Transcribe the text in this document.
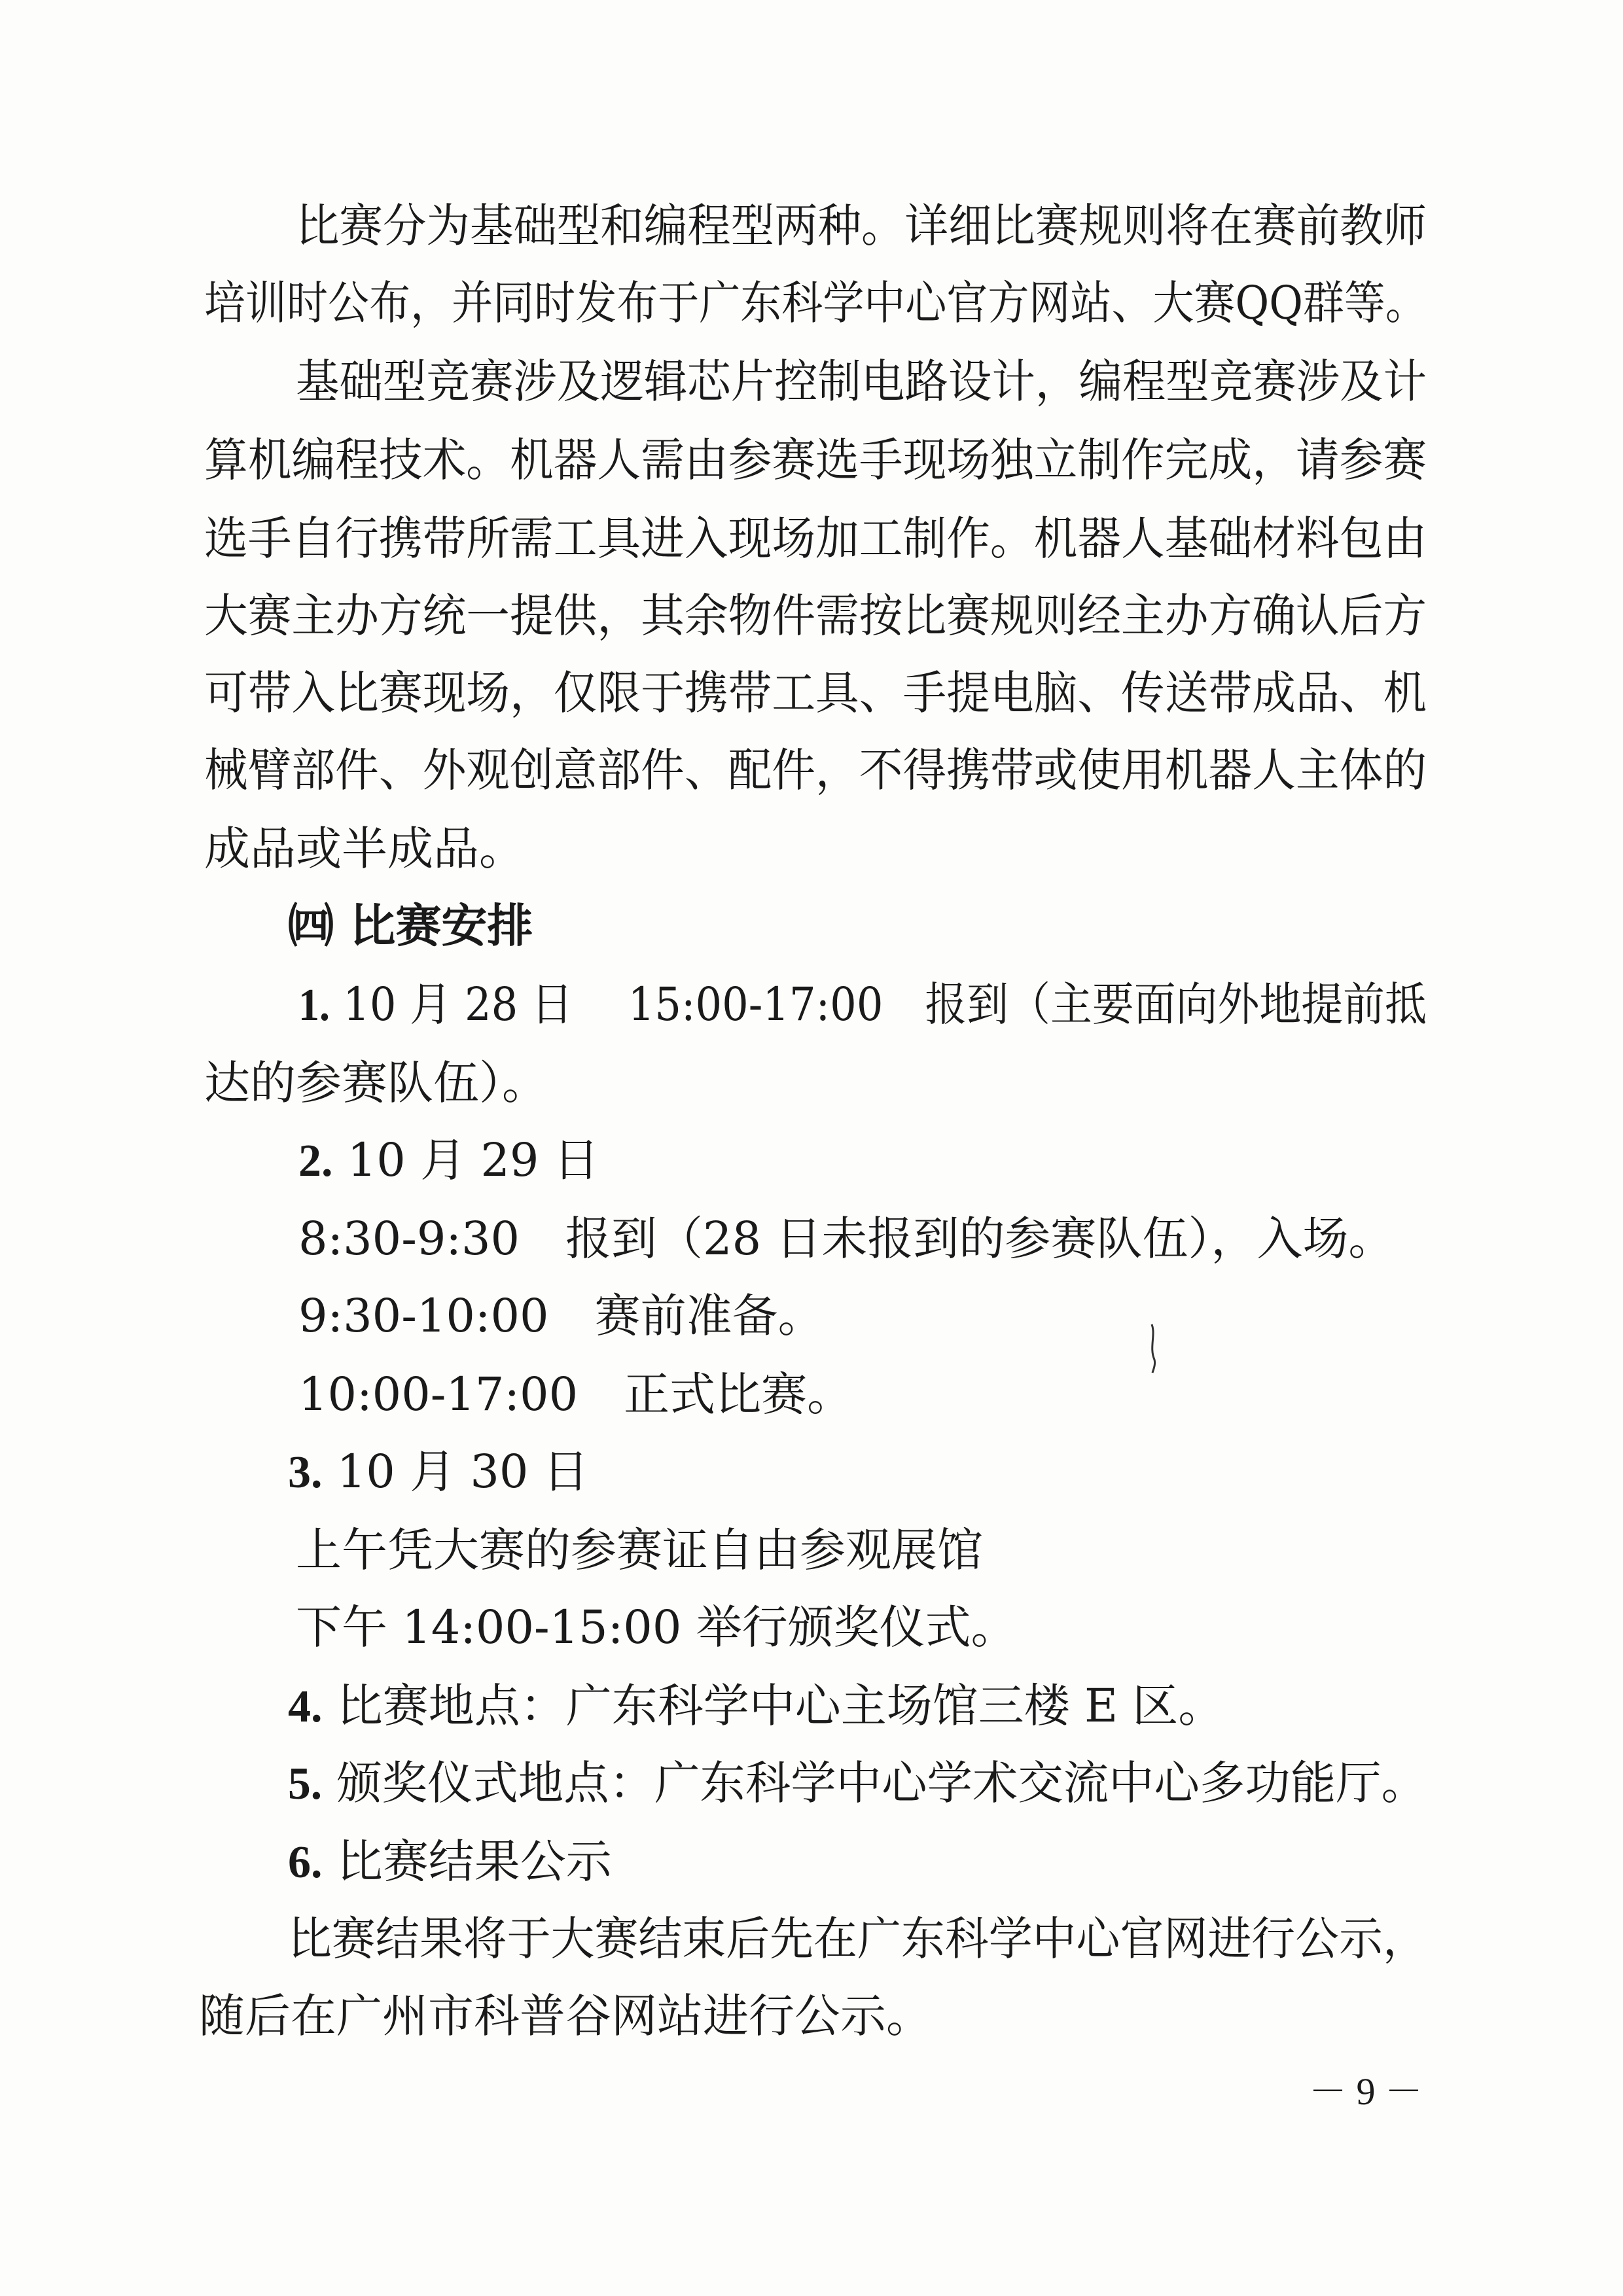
比赛分为基础型和编程型两种。详细比赛规则将在赛前教师
培训时公布，并同时发布于广东科学中心官方网站、大赛QQ群等。
基础型竞赛涉及逻辑芯片控制电路设计，编程型竞赛涉及计
算机编程技术。机器人需由参赛选手现场独立制作完成，请参赛
选手自行携带所需工具进入现场加工制作。机器人基础材料包由
大赛主办方统一提供，其余物件需按比赛规则经主办方确认后方
可带入比赛现场，仅限于携带工具、手提电脑、传送带成品、机
械臂部件、外观创意部件、配件，不得携带或使用机器人主体的
成品或半成品。
㈣ 比赛安排
1. 10 月 28 日　 15:00-17:00　报到（主要面向外地提前抵
达的参赛队伍）。
2. 10 月 29 日
8:30-9:30　报到（28 日未报到的参赛队伍），入场。
9:30-10:00　赛前准备。
10:00-17:00　正式比赛。
3. 10 月 30 日
上午凭大赛的参赛证自由参观展馆
下午 14:00-15:00 举行颁奖仪式。
4. 比赛地点：广东科学中心主场馆三楼 E 区。
5. 颁奖仪式地点：广东科学中心学术交流中心多功能厅。
6. 比赛结果公示
比赛结果将于大赛结束后先在广东科学中心官网进行公示，
随后在广州市科普谷网站进行公示。
－ 9 －
